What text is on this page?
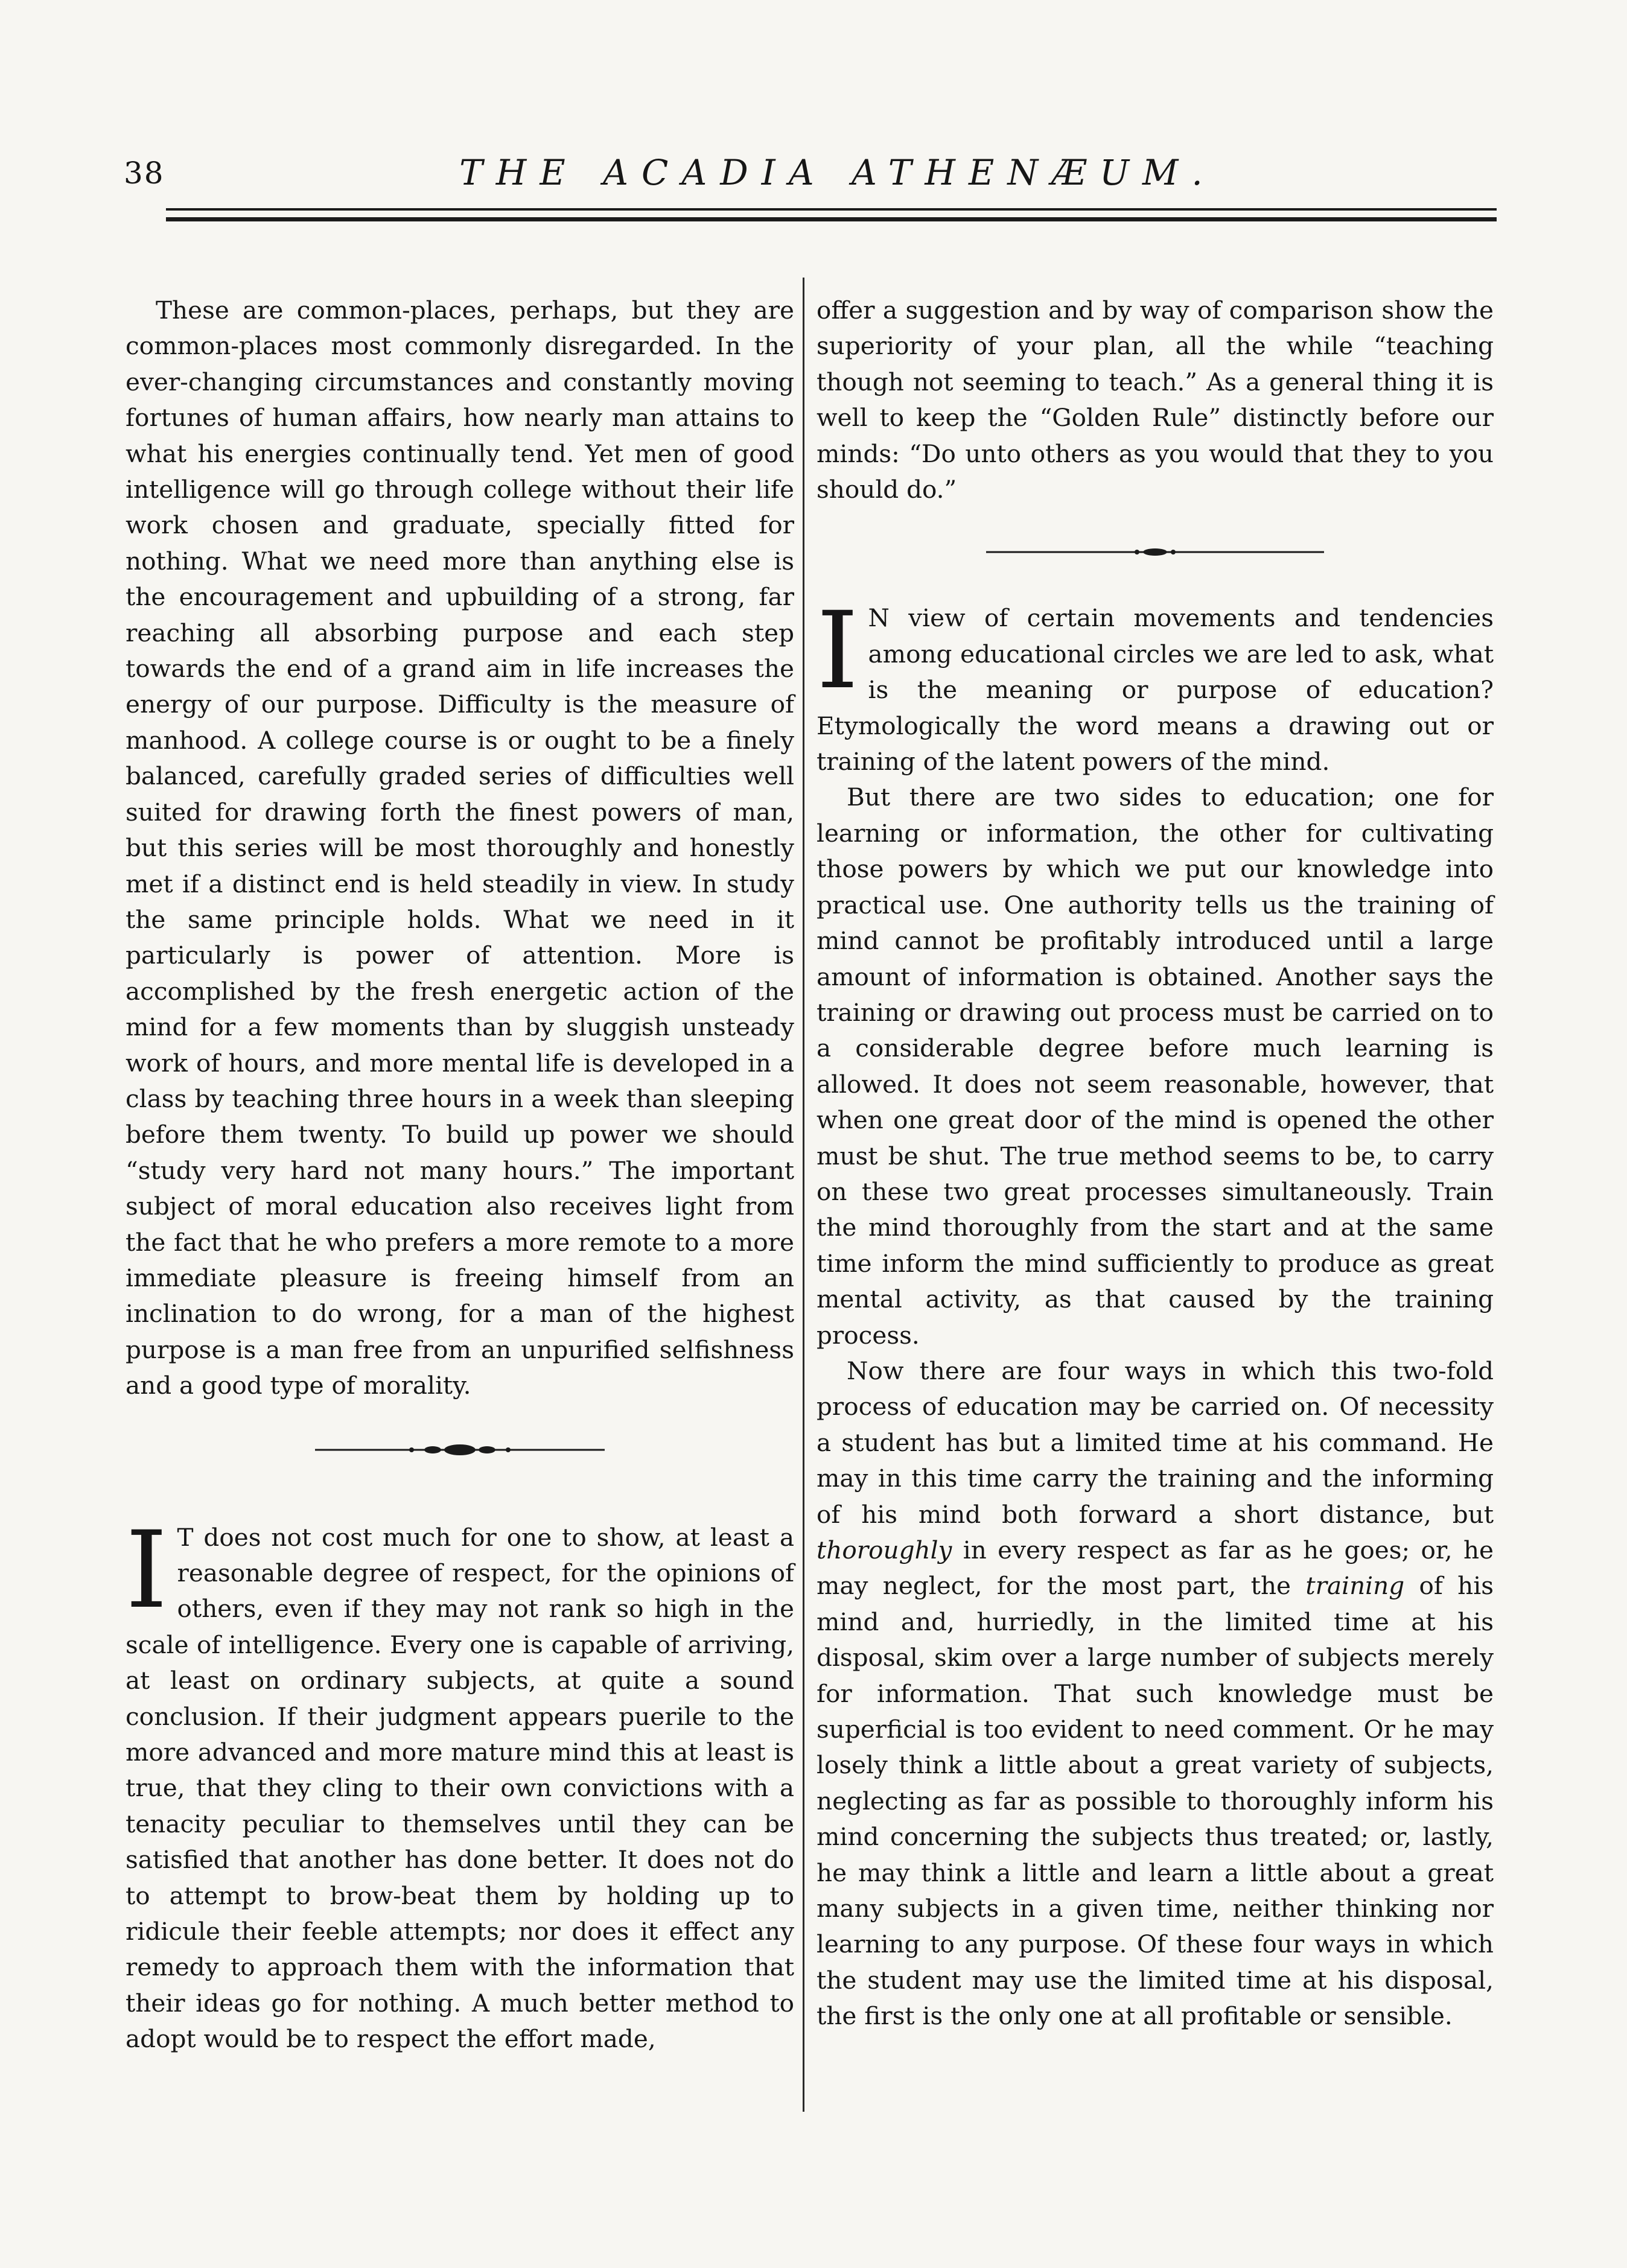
38	THE ACADIA ATHENÆUM.

These are common-places, perhaps, but they are common-places most commonly disregarded. In the ever-changing circumstances and constantly moving fortunes of human affairs, how nearly man attains to what his energies continually tend. Yet men of good intelligence will go through college without their life work chosen and graduate, specially fitted for nothing. What we need more than anything else is the encouragement and upbuilding of a strong, far reaching all absorbing purpose and each step towards the end of a grand aim in life increases the energy of our purpose. Difficulty is the measure of manhood. A college course is or ought to be a finely balanced, carefully graded series of difficulties well suited for drawing forth the finest powers of man, but this series will be most thoroughly and honestly met if a distinct end is held steadily in view. In study the same principle holds. What we need in it particularly is power of attention. More is accomplished by the fresh energetic action of the mind for a few moments than by sluggish unsteady work of hours, and more mental life is developed in a class by teaching three hours in a week than sleeping before them twenty. To build up power we should “study very hard not many hours.” The important subject of moral education also receives light from the fact that he who prefers a more remote to a more immediate pleasure is freeing himself from an inclination to do wrong, for a man of the highest purpose is a man free from an unpurified selfishness and a good type of morality.

I T does not cost much for one to show, at least a reasonable degree of respect, for the opinions of others, even if they may not rank so high in the scale of intelligence. Every one is capable of arriving, at least on ordinary subjects, at quite a sound conclusion. If their judgment appears puerile to the more advanced and more mature mind this at least is true, that they cling to their own convictions with a tenacity peculiar to themselves until they can be satisfied that another has done better. It does not do to attempt to brow-beat them by holding up to ridicule their feeble attempts; nor does it effect any remedy to approach them with the information that their ideas go for nothing. A much better method to adopt would be to respect the effort made,

offer a suggestion and by way of comparison show the superiority of your plan, all the while “teaching though not seeming to teach.” As a general thing it is well to keep the “Golden Rule” distinctly before our minds: “Do unto others as you would that they to you should do.”

I N view of certain movements and tendencies among educational circles we are led to ask, what is the meaning or purpose of education? Etymologically the word means a drawing out or training of the latent powers of the mind.

But there are two sides to education; one for learning or information, the other for cultivating those powers by which we put our knowledge into practical use. One authority tells us the training of mind cannot be profitably introduced until a large amount of information is obtained. Another says the training or drawing out process must be carried on to a considerable degree before much learning is allowed. It does not seem reasonable, however, that when one great door of the mind is opened the other must be shut. The true method seems to be, to carry on these two great processes simultaneously. Train the mind thoroughly from the start and at the same time inform the mind sufficiently to produce as great mental activity, as that caused by the training process.

Now there are four ways in which this two-fold process of education may be carried on. Of necessity a student has but a limited time at his command. He may in this time carry the training and the informing of his mind both forward a short distance, but thoroughly in every respect as far as he goes; or, he may neglect, for the most part, the training of his mind and, hurriedly, in the limited time at his disposal, skim over a large number of subjects merely for information. That such knowledge must be superficial is too evident to need comment. Or he may losely think a little about a great variety of subjects, neglecting as far as possible to thoroughly inform his mind concerning the subjects thus treated; or, lastly, he may think a little and learn a little about a great many subjects in a given time, neither thinking nor learning to any purpose. Of these four ways in which the student may use the limited time at his disposal, the first is the only one at all profitable or sensible.
